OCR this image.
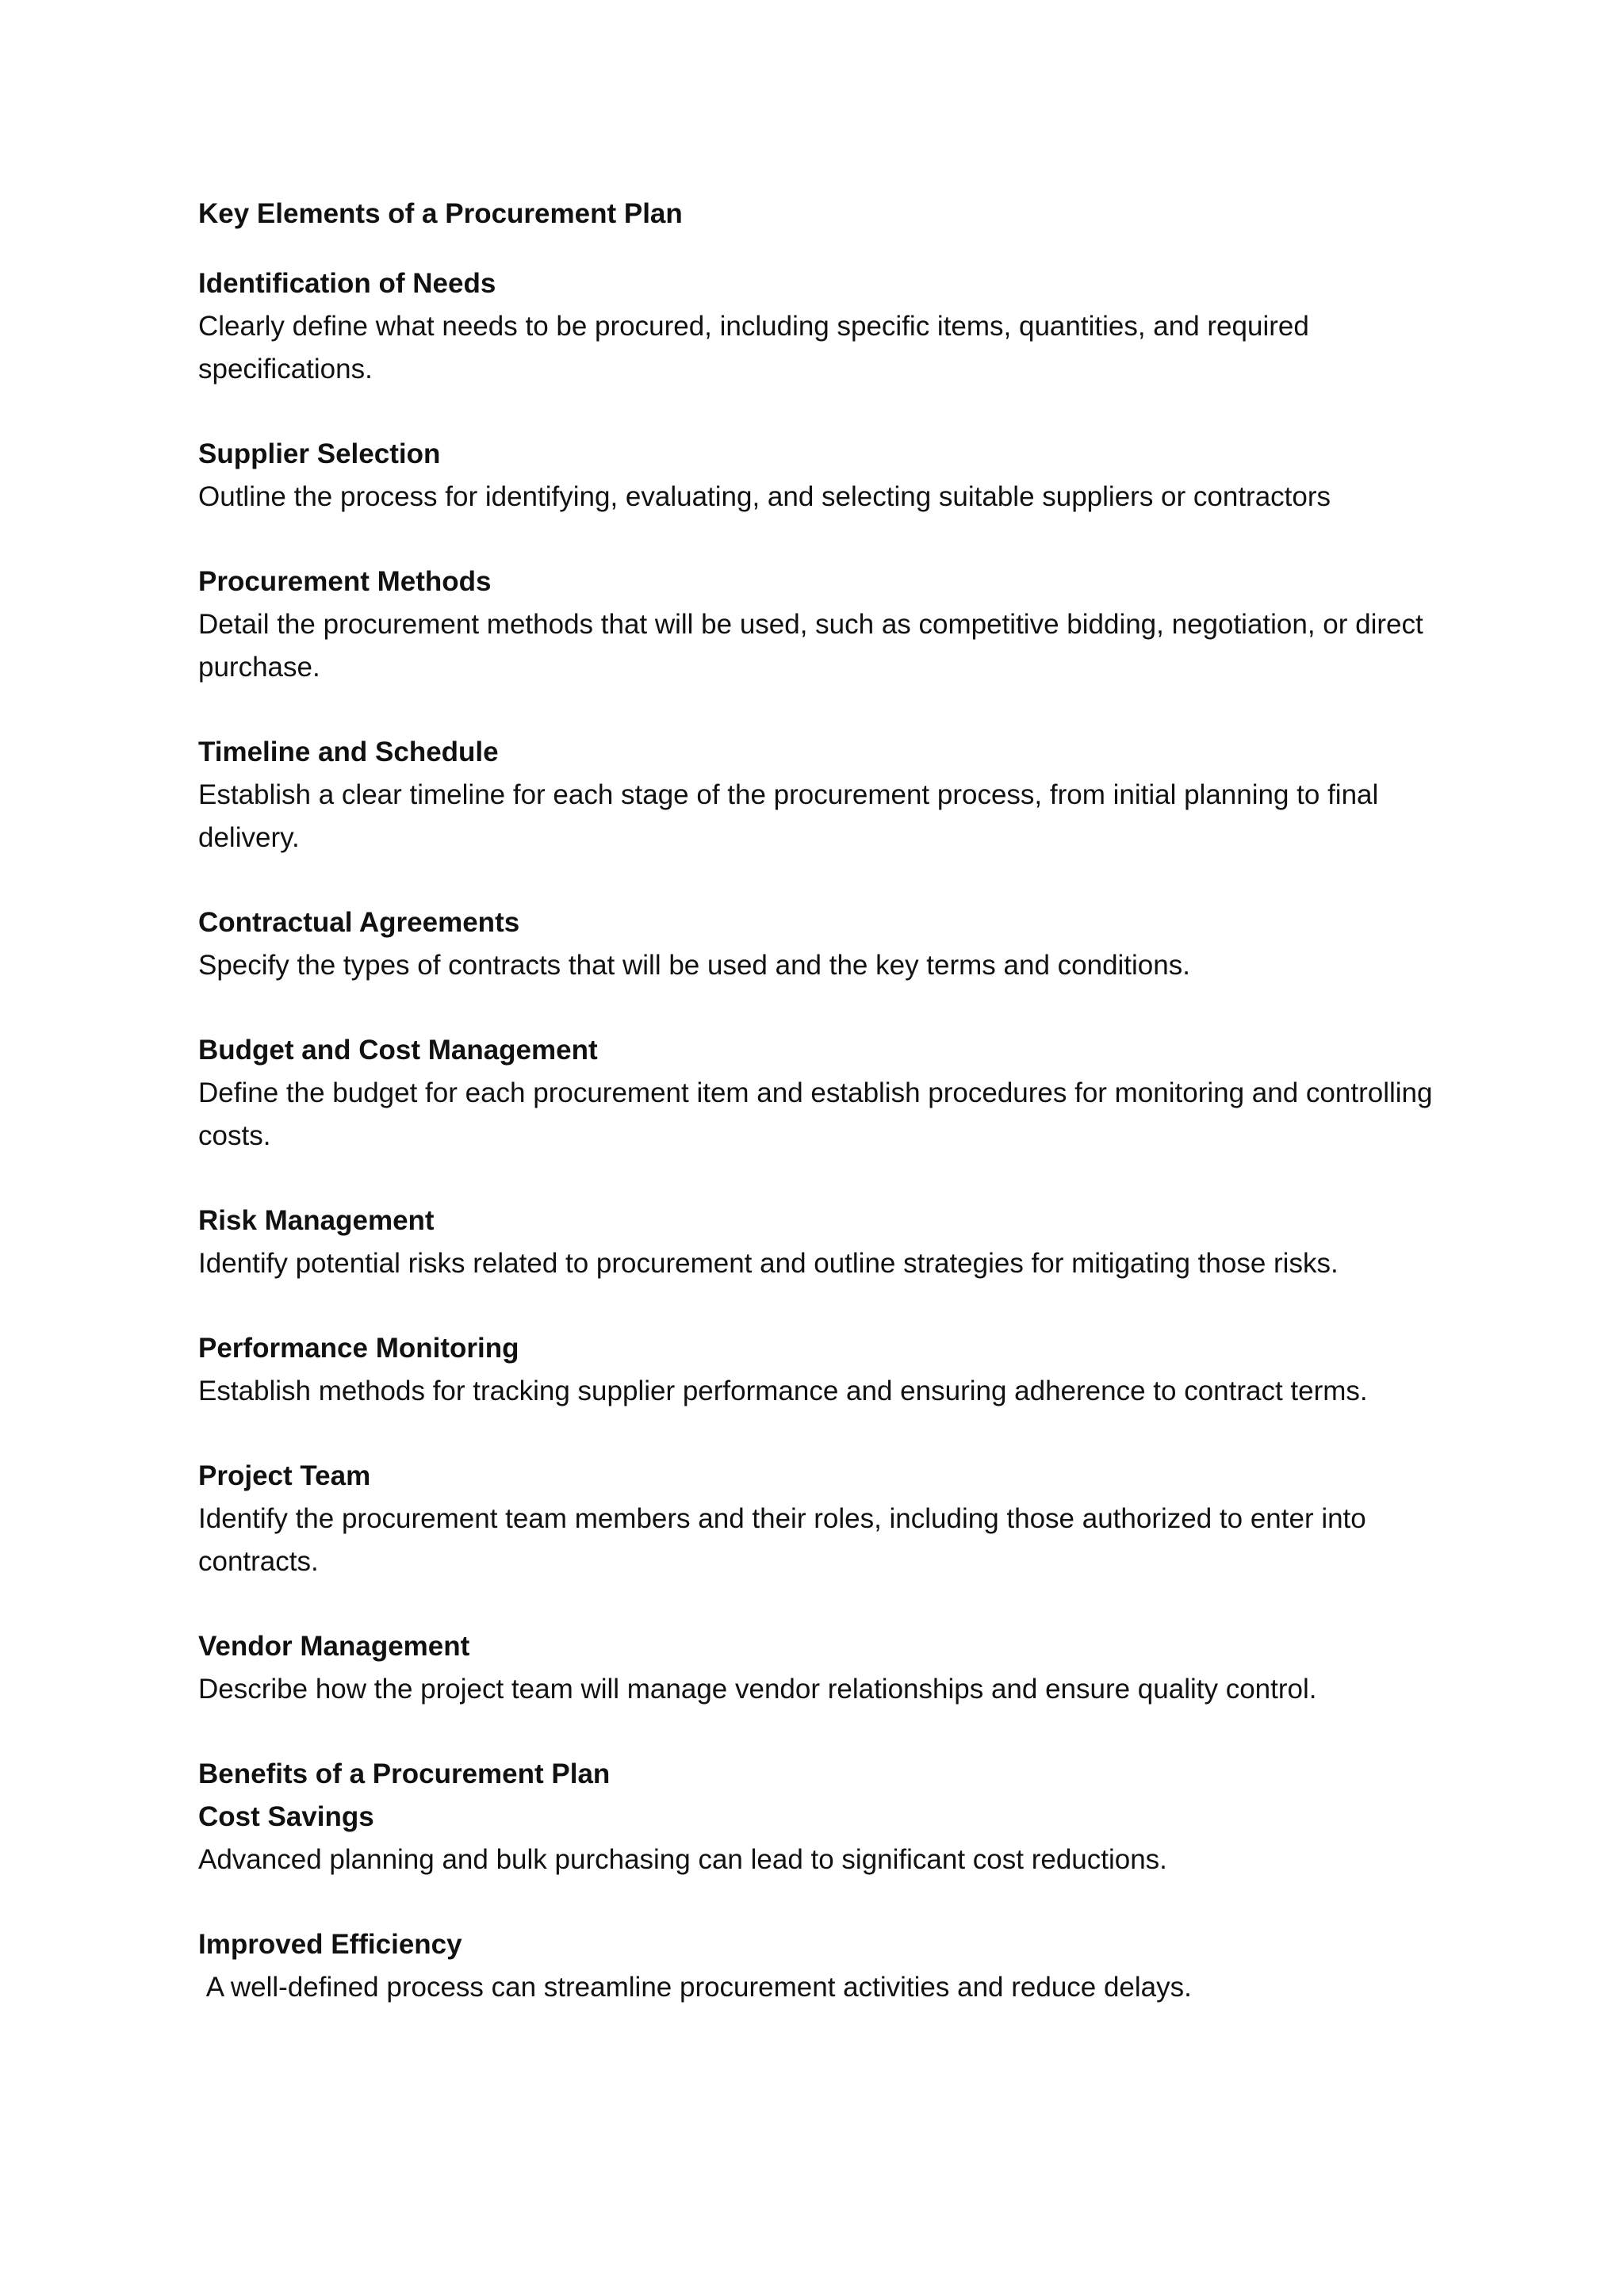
Key Elements of a Procurement Plan

Identification of Needs

Clearly define what needs to be procured, including specific items, quantities, and required specifications.

Supplier Selection

Outline the process for identifying, evaluating, and selecting suitable suppliers or contractors

Procurement Methods

Detail the procurement methods that will be used, such as competitive bidding, negotiation, or direct purchase.

Timeline and Schedule

Establish a clear timeline for each stage of the procurement process, from initial planning to final delivery.

Contractual Agreements

Specify the types of contracts that will be used and the key terms and conditions.

Budget and Cost Management

Define the budget for each procurement item and establish procedures for monitoring and controlling costs.

Risk Management

Identify potential risks related to procurement and outline strategies for mitigating those risks.

Performance Monitoring

Establish methods for tracking supplier performance and ensuring adherence to contract terms.

Project Team

Identify the procurement team members and their roles, including those authorized to enter into contracts.

Vendor Management

Describe how the project team will manage vendor relationships and ensure quality control.

Benefits of a Procurement Plan

Cost Savings

Advanced planning and bulk purchasing can lead to significant cost reductions.

Improved Efficiency

A well-defined process can streamline procurement activities and reduce delays.
